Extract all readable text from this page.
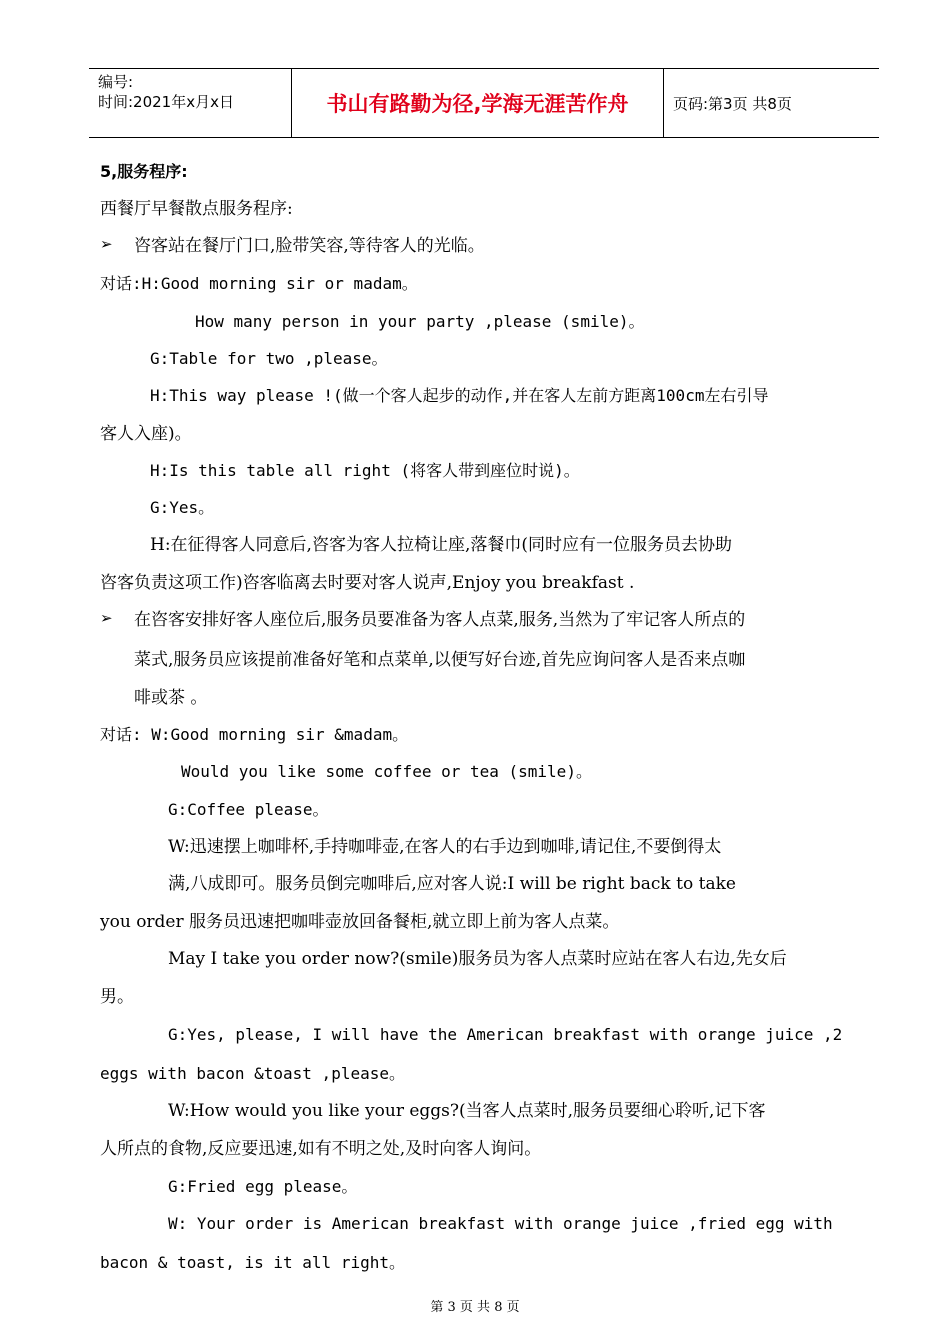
编号:
时间:2021年x月x日	书山有路勤为径,学海无涯苦作舟	页码:第3页 共8页
5,服务程序:
西餐厅早餐散点服务程序:
➢ 咨客站在餐厅门口,脸带笑容,等待客人的光临。
对话:H:Good morning sir or madam。
How many person in your party ,please (smile)。
G:Table for two ,please。
H:This way please !(做一个客人起步的动作,并在客人左前方距离100cm左右引导
客人入座)。
H:Is this table all right (将客人带到座位时说)。
G:Yes。
H:在征得客人同意后,咨客为客人拉椅让座,落餐巾(同时应有一位服务员去协助
咨客负责这项工作)咨客临离去时要对客人说声,Enjoy you breakfast .
➢ 在咨客安排好客人座位后,服务员要准备为客人点菜,服务,当然为了牢记客人所点的
菜式,服务员应该提前准备好笔和点菜单,以便写好台迹,首先应询问客人是否来点咖
啡或茶 。
对话: W:Good morning sir &madam。
Would you like some coffee or tea (smile)。
G:Coffee please。
W:迅速摆上咖啡杯,手持咖啡壶,在客人的右手边到咖啡,请记住,不要倒得太
满,八成即可。服务员倒完咖啡后,应对客人说:I will be right back to take
you order 服务员迅速把咖啡壶放回备餐柜,就立即上前为客人点菜。
May I take you order now?(smile)服务员为客人点菜时应站在客人右边,先女后
男。
G:Yes, please, I will have the American breakfast with orange juice ,2
eggs with bacon &toast ,please。
W:How would you like your eggs?(当客人点菜时,服务员要细心聆听,记下客
人所点的食物,反应要迅速,如有不明之处,及时向客人询问。
G:Fried egg please。
W: Your order is American breakfast with orange juice ,fried egg with
bacon & toast, is it all right。
第 3 页 共 8 页
